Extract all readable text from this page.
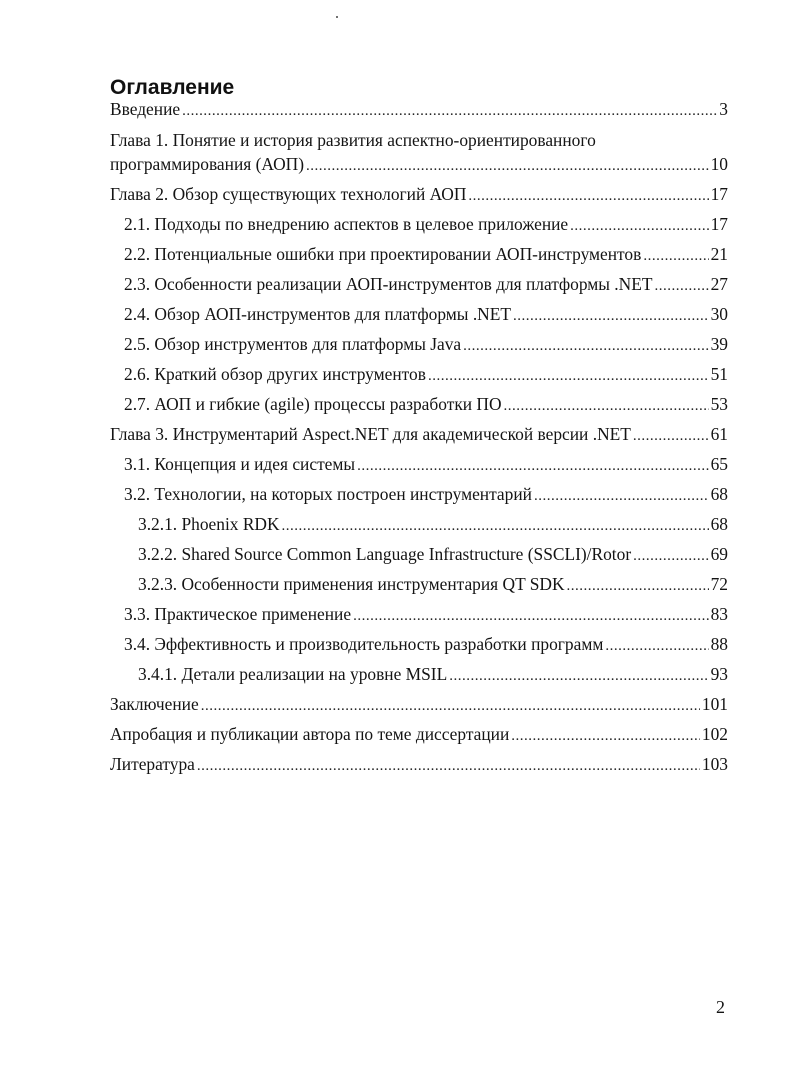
Оглавление
Введение .....	3
Глава 1. Понятие и история развития аспектно-ориентированного
программирования (АОП) .....	10
Глава 2. Обзор существующих технологий АОП .....	17
2.1. Подходы по внедрению аспектов в целевое приложение .....	17
2.2. Потенциальные ошибки при проектировании АОП-инструментов .....	21
2.3. Особенности реализации АОП-инструментов для платформы .NET .....	27
2.4. Обзор АОП-инструментов для платформы .NET .....	30
2.5. Обзор инструментов для платформы Java .....	39
2.6. Краткий обзор других инструментов .....	51
2.7. АОП и гибкие (agile) процессы разработки ПО .....	53
Глава 3. Инструментарий Aspect.NET для академической версии .NET .....	61
3.1. Концепция и идея системы .....	65
3.2. Технологии, на которых построен инструментарий .....	68
3.2.1. Phoenix RDK .....	68
3.2.2. Shared Source Common Language Infrastructure (SSCLI)/Rotor .....	69
3.2.3. Особенности применения инструментария QT SDK .....	72
3.3. Практическое применение .....	83
3.4. Эффективность и производительность разработки программ .....	88
3.4.1. Детали реализации на уровне MSIL .....	93
Заключение .....	101
Апробация и публикации автора по теме диссертации .....	102
Литература .....	103
2
